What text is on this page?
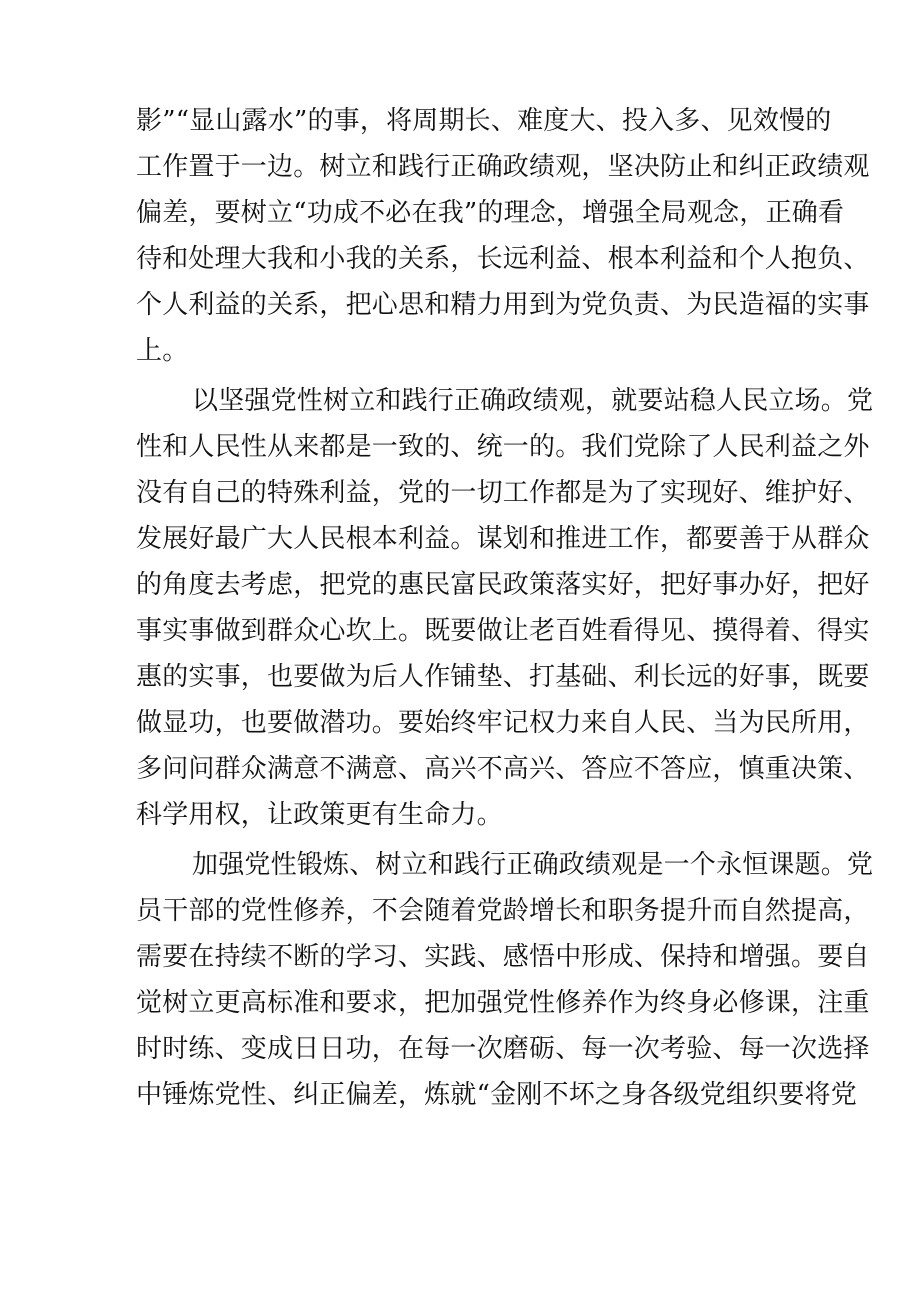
影”“显山露水”的事，将周期长、难度大、投入多、见效慢的
工作置于一边。树立和践行正确政绩观，坚决防止和纠正政绩观
偏差，要树立“功成不必在我”的理念，增强全局观念，正确看
待和处理大我和小我的关系，长远利益、根本利益和个人抱负、
个人利益的关系，把心思和精力用到为党负责、为民造福的实事
上。
以坚强党性树立和践行正确政绩观，就要站稳人民立场。党
性和人民性从来都是一致的、统一的。我们党除了人民利益之外
没有自己的特殊利益，党的一切工作都是为了实现好、维护好、
发展好最广大人民根本利益。谋划和推进工作，都要善于从群众
的角度去考虑，把党的惠民富民政策落实好，把好事办好，把好
事实事做到群众心坎上。既要做让老百姓看得见、摸得着、得实
惠的实事，也要做为后人作铺垫、打基础、利长远的好事，既要
做显功，也要做潜功。要始终牢记权力来自人民、当为民所用，
多问问群众满意不满意、高兴不高兴、答应不答应，慎重决策、
科学用权，让政策更有生命力。
加强党性锻炼、树立和践行正确政绩观是一个永恒课题。党
员干部的党性修养，不会随着党龄增长和职务提升而自然提高，
需要在持续不断的学习、实践、感悟中形成、保持和增强。要自
觉树立更高标准和要求，把加强党性修养作为终身必修课，注重
时时练、变成日日功，在每一次磨砺、每一次考验、每一次选择
中锤炼党性、纠正偏差，炼就“金刚不坏之身各级党组织要将党
